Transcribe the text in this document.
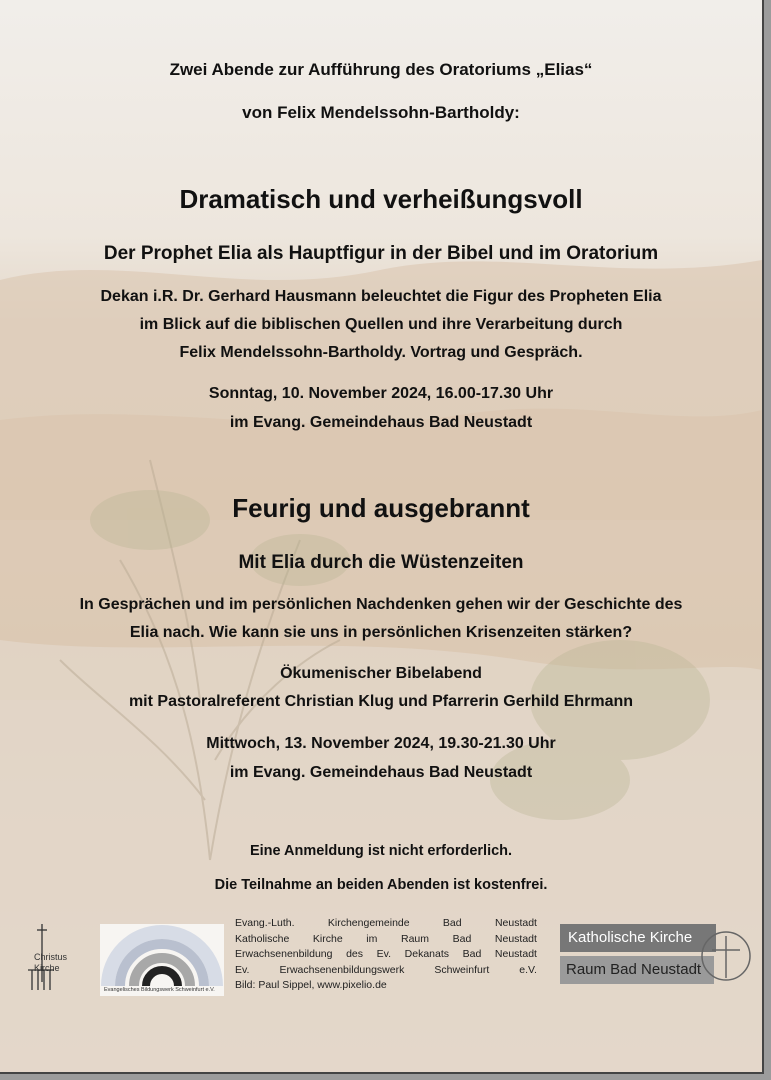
Zwei Abende zur Aufführung des Oratoriums „Elias“
von Felix Mendelssohn-Bartholdy:
Dramatisch und verheißungsvoll
Der Prophet Elia als Hauptfigur in der Bibel und im Oratorium
Dekan i.R. Dr. Gerhard Hausmann beleuchtet die Figur des Propheten Elia
im Blick auf die biblischen Quellen und ihre Verarbeitung durch
Felix Mendelssohn-Bartholdy. Vortrag und Gespräch.
Sonntag, 10. November 2024, 16.00-17.30 Uhr
im Evang. Gemeindehaus Bad Neustadt
Feurig und ausgebrannt
Mit Elia durch die Wüstenzeiten
In Gesprächen und im persönlichen Nachdenken gehen wir der Geschichte des
Elia nach. Wie kann sie uns in persönlichen Krisenzeiten stärken?
Ökumenischer Bibelabend
mit Pastoralreferent Christian Klug und Pfarrerin Gerhild Ehrmann
Mittwoch, 13. November 2024, 19.30-21.30 Uhr
im Evang. Gemeindehaus Bad Neustadt
Eine Anmeldung ist nicht erforderlich.
Die Teilnahme an beiden Abenden ist kostenfrei.
Christus Kirche
Evangelisches Bildungswerk Schweinfurt e.V.
Evang.-Luth.	Kirchengemeinde	Bad	Neustadt
Katholische Kirche im Raum Bad Neustadt
Erwachsenenbildung des Ev. Dekanats Bad Neustadt
Ev.	Erwachsenenbildungswerk	Schweinfurt	e.V.
Bild: Paul Sippel, www.pixelio.de
Katholische Kirche
Raum Bad Neustadt
